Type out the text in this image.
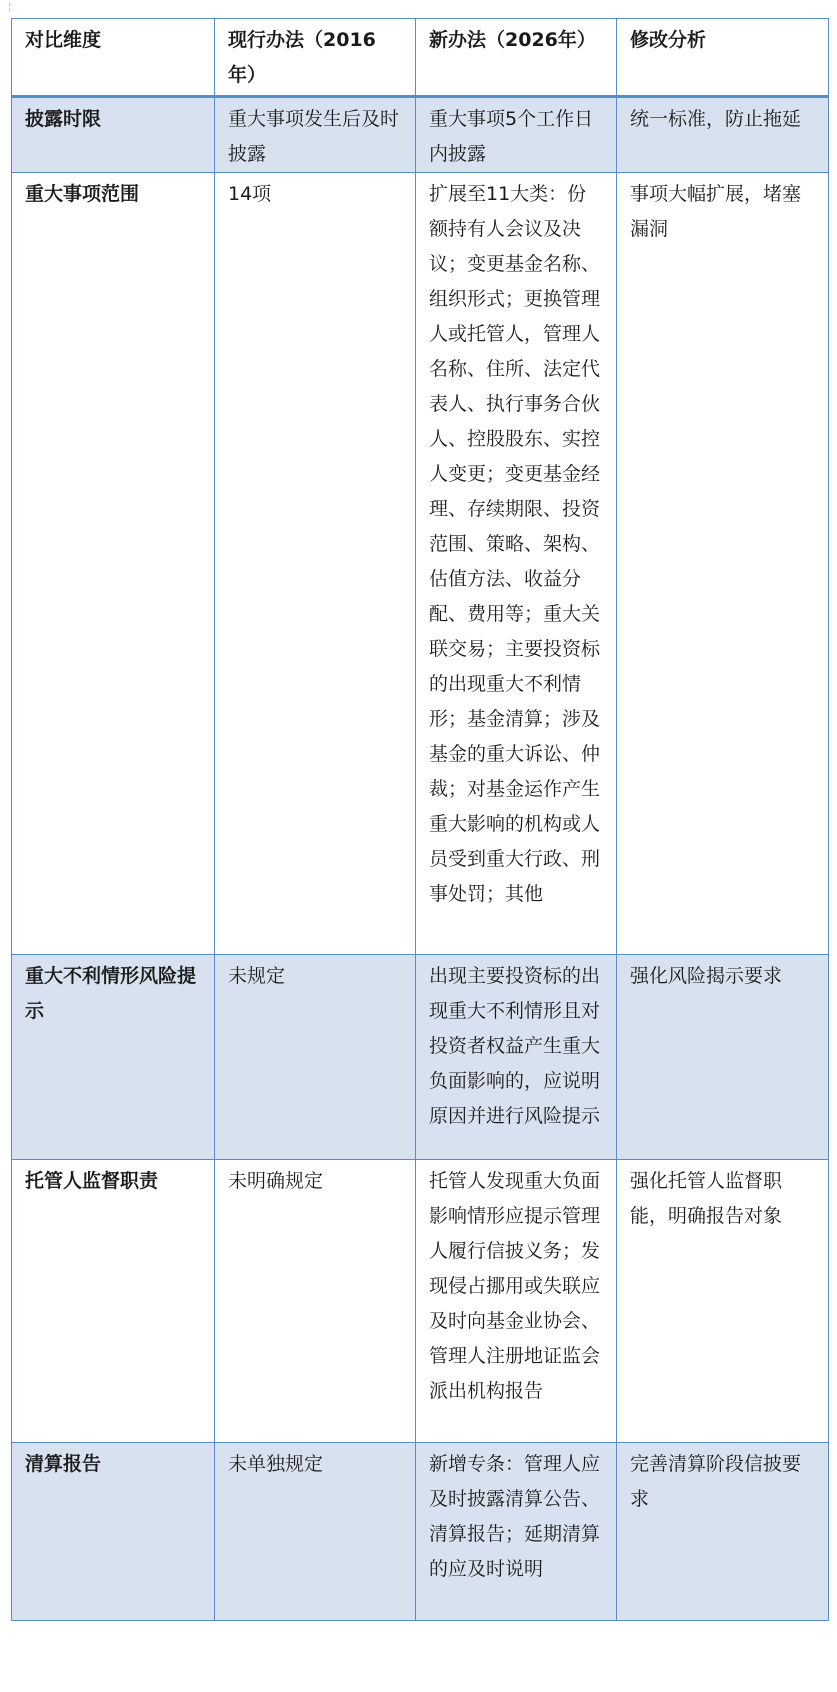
¦
对比维度	现行办法（2016年）	新办法（2026年）	修改分析
披露时限	重大事项发生后及时披露	重大事项5个工作日内披露	统一标准，防止拖延
重大事项范围	14项	扩展至11大类：份额持有人会议及决议；变更基金名称、组织形式；更换管理人或托管人，管理人名称、住所、法定代表人、执行事务合伙人、控股股东、实控人变更；变更基金经理、存续期限、投资范围、策略、架构、估值方法、收益分配、费用等；重大关联交易；主要投资标的出现重大不利情形；基金清算；涉及基金的重大诉讼、仲裁；对基金运作产生重大影响的机构或人员受到重大行政、刑事处罚；其他	事项大幅扩展，堵塞漏洞
重大不利情形风险提示	未规定	出现主要投资标的出现重大不利情形且对投资者权益产生重大负面影响的，应说明原因并进行风险提示	强化风险揭示要求
托管人监督职责	未明确规定	托管人发现重大负面影响情形应提示管理人履行信披义务；发现侵占挪用或失联应及时向基金业协会、管理人注册地证监会派出机构报告	强化托管人监督职能，明确报告对象
清算报告	未单独规定	新增专条：管理人应及时披露清算公告、清算报告；延期清算的应及时说明	完善清算阶段信披要求
